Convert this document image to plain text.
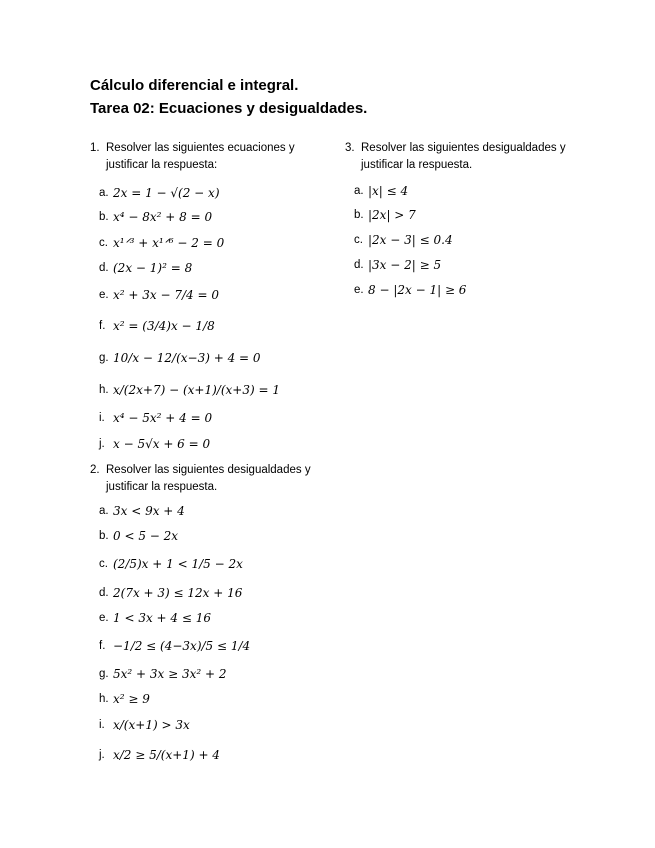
Cálculo diferencial e integral.
Tarea 02: Ecuaciones y desigualdades.
1. Resolver las siguientes ecuaciones y justificar la respuesta:
a. 2x = 1 − √(2 − x)
b. x⁴ − 8x² + 8 = 0
c. x¹ᐟ³ + x¹ᐟ⁶ − 2 = 0
d. (2x − 1)² = 8
e. x² + 3x − 7/4 = 0
f. x² = (3/4)x − 1/8
g. 10/x − 12/(x−3) + 4 = 0
h. x/(2x+7) − (x+1)/(x+3) = 1
i. x⁴ − 5x² + 4 = 0
j. x − 5√x + 6 = 0
2. Resolver las siguientes desigualdades y justificar la respuesta.
a. 3x < 9x + 4
b. 0 < 5 − 2x
c. (2/5)x + 1 < 1/5 − 2x
d. 2(7x + 3) ≤ 12x + 16
e. 1 < 3x + 4 ≤ 16
f. −1/2 ≤ (4−3x)/5 ≤ 1/4
g. 5x² + 3x ≥ 3x² + 2
h. x² ≥ 9
i. x/(x+1) > 3x
j. x/2 ≥ 5/(x+1) + 4
3. Resolver las siguientes desigualdades y justificar la respuesta.
a. |x| ≤ 4
b. |2x| > 7
c. |2x − 3| ≤ 0.4
d. |3x − 2| ≥ 5
e. 8 − |2x − 1| ≥ 6
